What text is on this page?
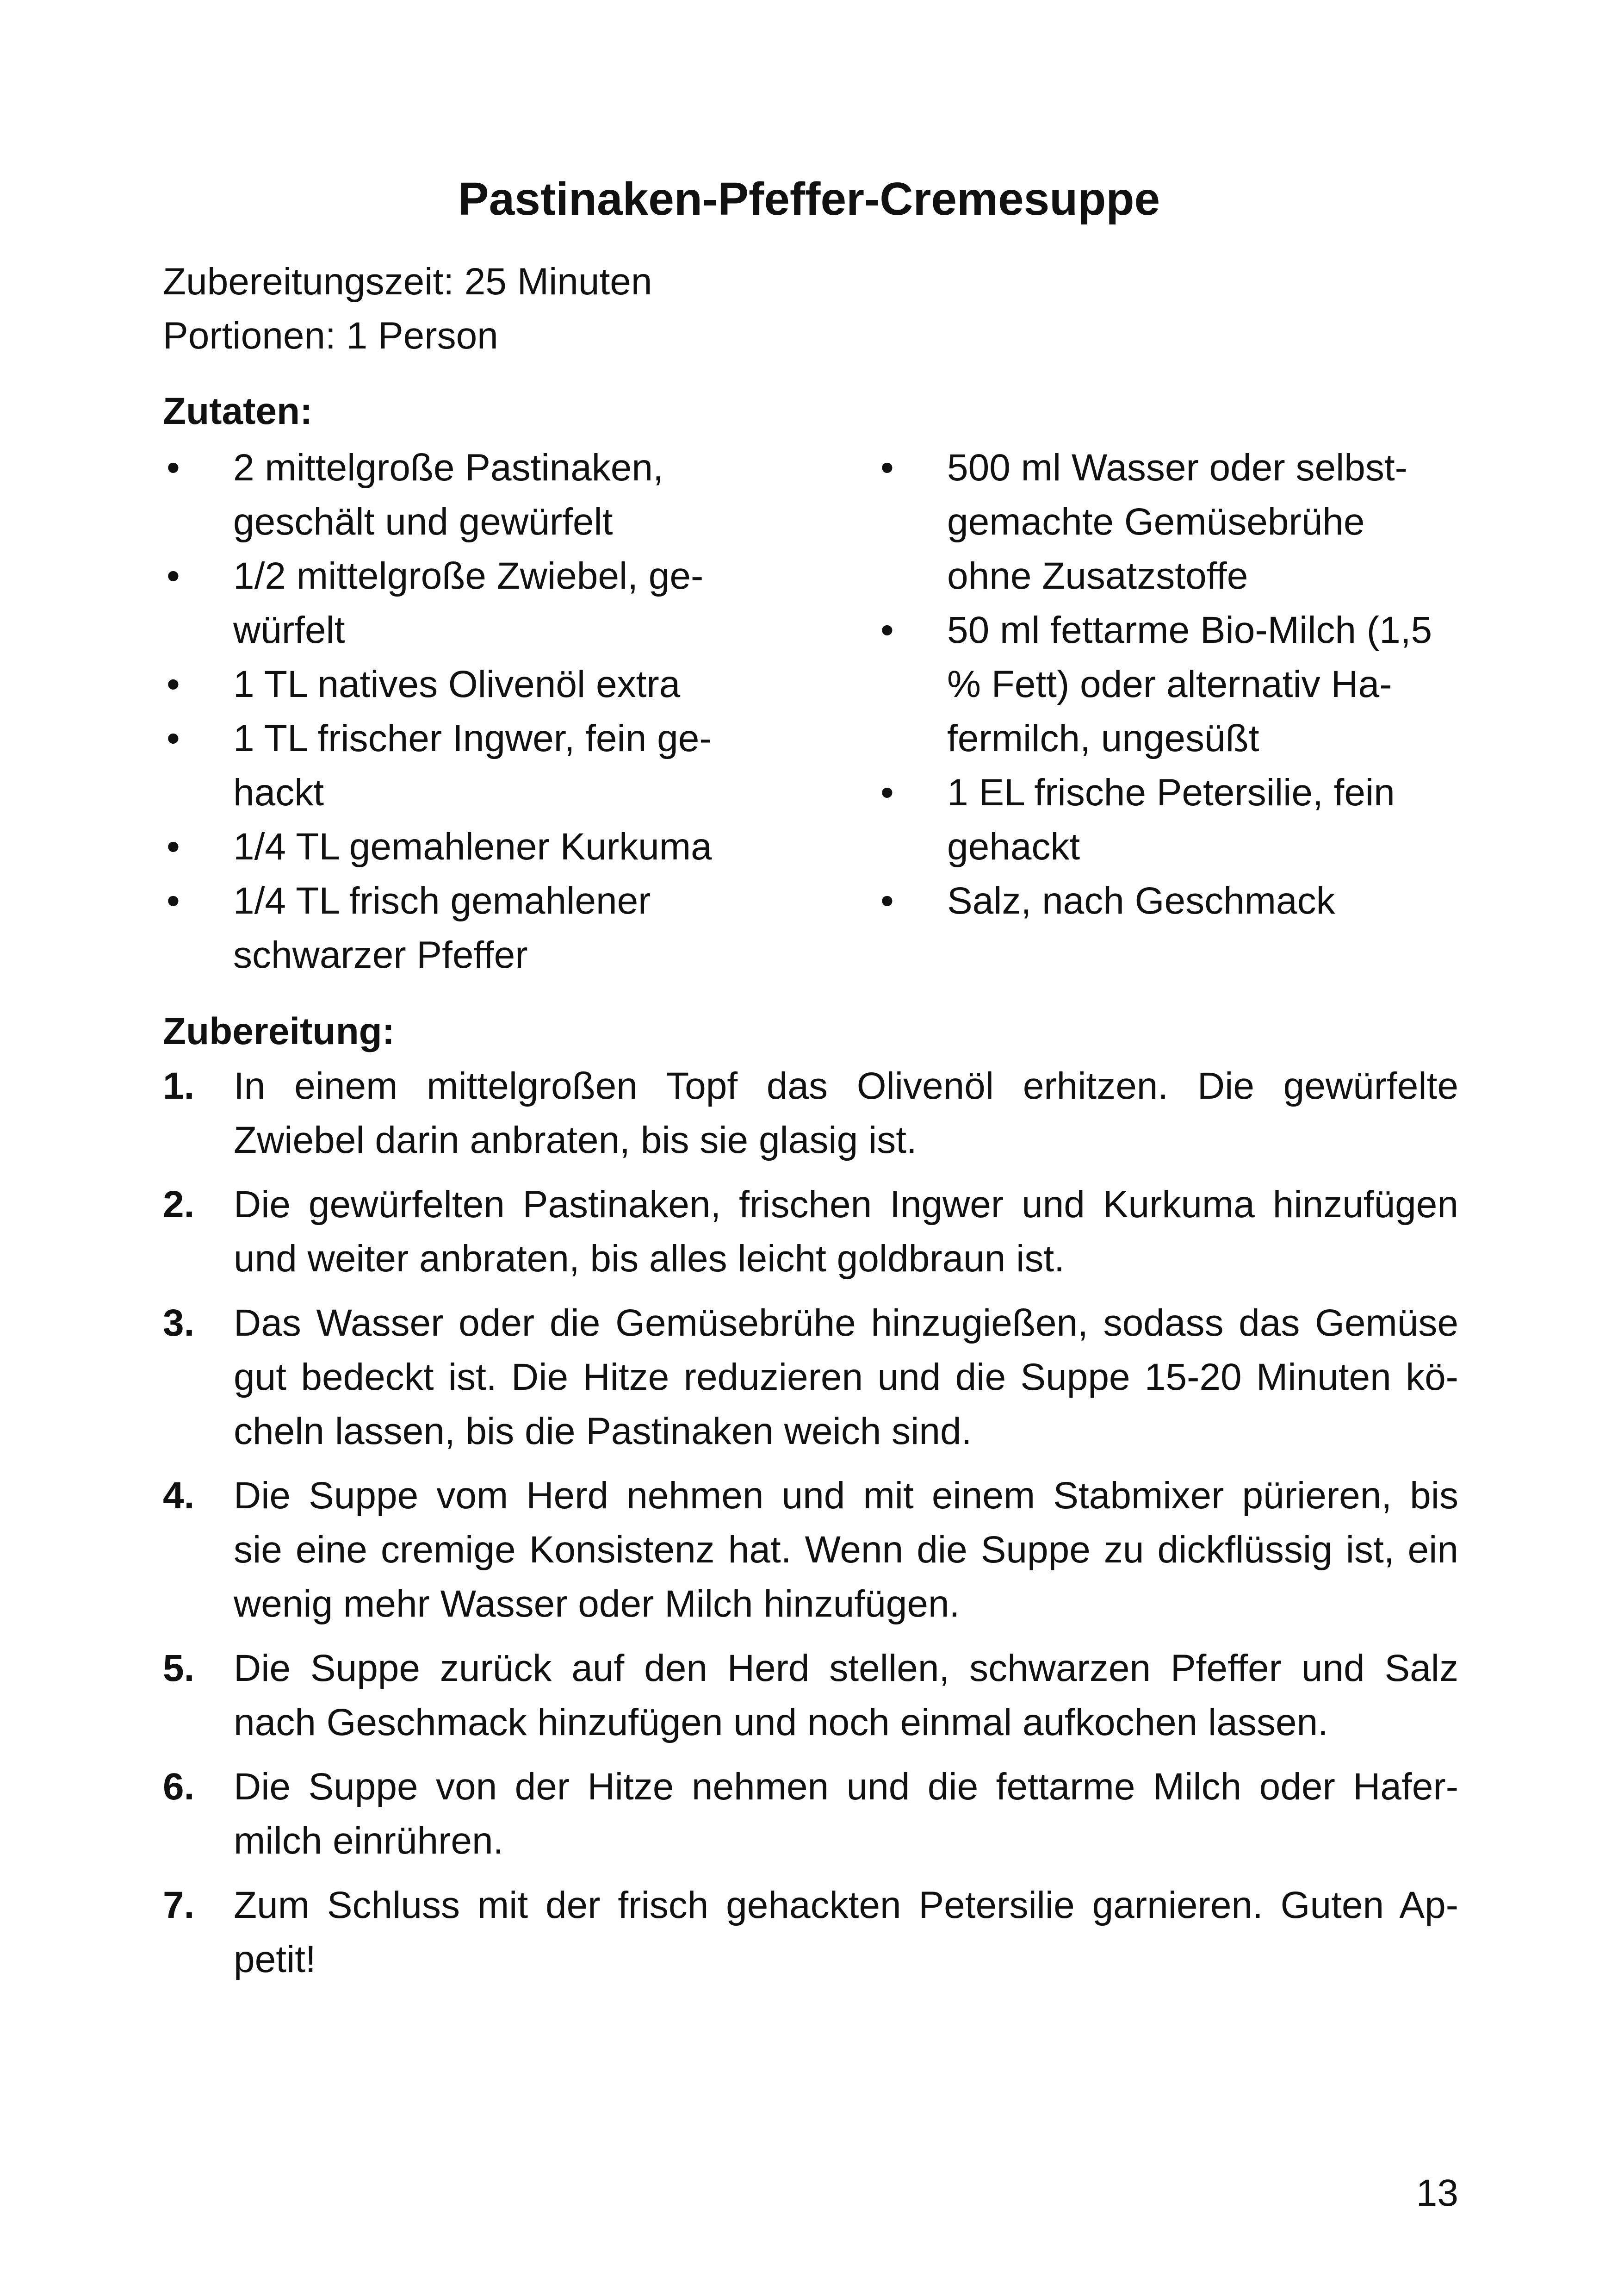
Pastinaken-Pfeffer-Cremesuppe
Zubereitungszeit: 25 Minuten
Portionen: 1 Person
Zutaten:
• 2 mittelgroße Pastinaken,
geschält und gewürfelt
• 1/2 mittelgroße Zwiebel, ge-
würfelt
• 1 TL natives Olivenöl extra
• 1 TL frischer Ingwer, fein ge-
hackt
• 1/4 TL gemahlener Kurkuma
• 1/4 TL frisch gemahlener
schwarzer Pfeffer
• 500 ml Wasser oder selbst-
gemachte Gemüsebrühe
ohne Zusatzstoffe
• 50 ml fettarme Bio-Milch (1,5
% Fett) oder alternativ Ha-
fermilch, ungesüßt
• 1 EL frische Petersilie, fein
gehackt
• Salz, nach Geschmack
Zubereitung:
1. In einem mittelgroßen Topf das Olivenöl erhitzen. Die gewürfelte
Zwiebel darin anbraten, bis sie glasig ist.
2. Die gewürfelten Pastinaken, frischen Ingwer und Kurkuma hinzufügen
und weiter anbraten, bis alles leicht goldbraun ist.
3. Das Wasser oder die Gemüsebrühe hinzugießen, sodass das Gemüse
gut bedeckt ist. Die Hitze reduzieren und die Suppe 15-20 Minuten kö-
cheln lassen, bis die Pastinaken weich sind.
4. Die Suppe vom Herd nehmen und mit einem Stabmixer pürieren, bis
sie eine cremige Konsistenz hat. Wenn die Suppe zu dickflüssig ist, ein
wenig mehr Wasser oder Milch hinzufügen.
5. Die Suppe zurück auf den Herd stellen, schwarzen Pfeffer und Salz
nach Geschmack hinzufügen und noch einmal aufkochen lassen.
6. Die Suppe von der Hitze nehmen und die fettarme Milch oder Hafer-
milch einrühren.
7. Zum Schluss mit der frisch gehackten Petersilie garnieren. Guten Ap-
petit!
13
